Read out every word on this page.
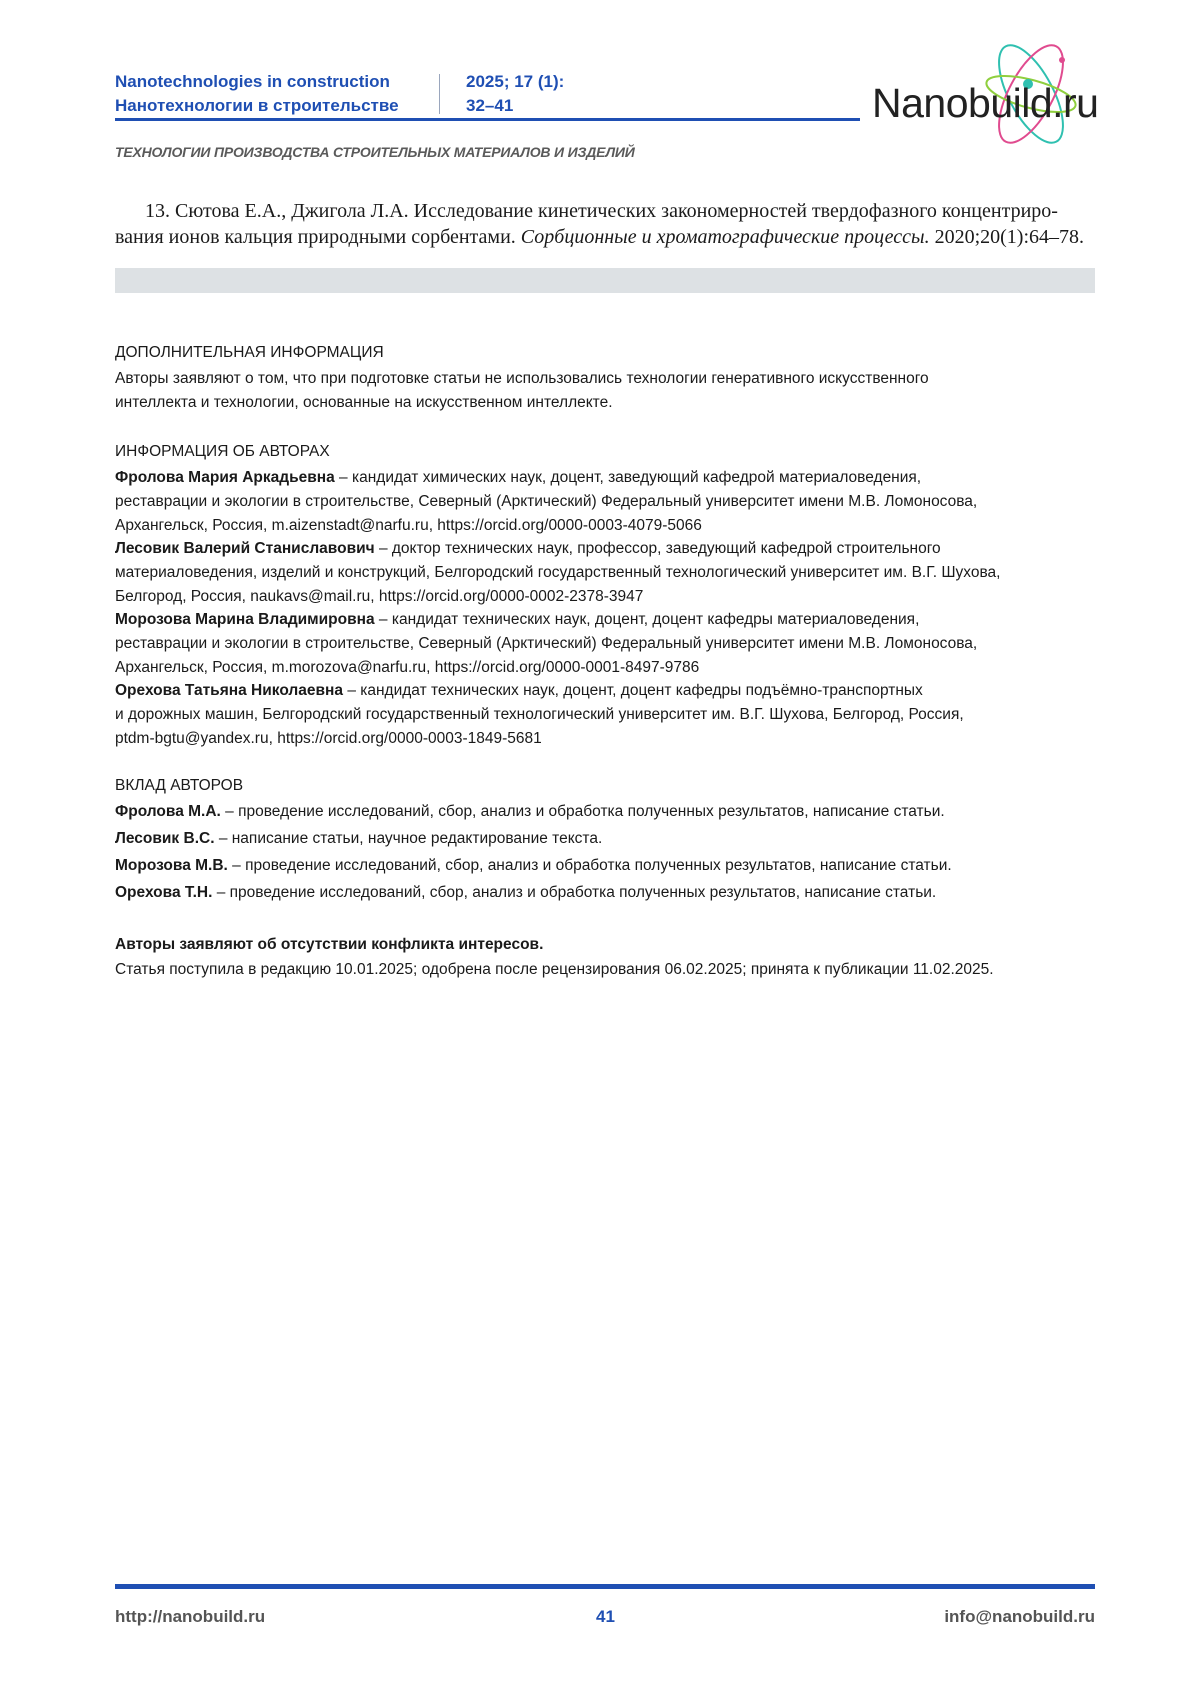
Nanotechnologies in construction
Нанотехнологии в строительстве
2025; 17 (1):
32–41	Nanobuild.ru
ТЕХНОЛОГИИ ПРОИЗВОДСТВА СТРОИТЕЛЬНЫХ МАТЕРИАЛОВ И ИЗДЕЛИЙ
13. Сютова Е.А., Джигола Л.А. Исследование кинетических закономерностей твердофазного концентриро-
вания ионов кальция природными сорбентами. Сорбционные и хроматографические процессы. 2020;20(1):64–78.
ДОПОЛНИТЕЛЬНАЯ ИНФОРМАЦИЯ
Авторы заявляют о том, что при подготовке статьи не использовались технологии генеративного искусственного
интеллекта и технологии, основанные на искусственном интеллекте.
ИНФОРМАЦИЯ ОБ АВТОРАХ
Фролова Мария Аркадьевна – кандидат химических наук, доцент, заведующий кафедрой материаловедения,
реставрации и экологии в строительстве, Северный (Арктический) Федеральный университет имени М.В. Ломоносова,
Архангельск, Россия, m.aizenstadt@narfu.ru, https://orcid.org/0000-0003-4079-5066
Лесовик Валерий Станиславович – доктор технических наук, профессор, заведующий кафедрой строительного
материаловедения, изделий и конструкций, Белгородский государственный технологический университет им. В.Г. Шухова,
Белгород, Россия, naukavs@mail.ru, https://orcid.org/0000-0002-2378-3947
Морозова Марина Владимировна – кандидат технических наук, доцент, доцент кафедры материаловедения,
реставрации и экологии в строительстве, Северный (Арктический) Федеральный университет имени М.В. Ломоносова,
Архангельск, Россия, m.morozova@narfu.ru, https://orcid.org/0000-0001-8497-9786
Орехова Татьяна Николаевна – кандидат технических наук, доцент, доцент кафедры подъёмно-транспортных
и дорожных машин, Белгородский государственный технологический университет им. В.Г. Шухова, Белгород, Россия,
ptdm-bgtu@yandex.ru, https://orcid.org/0000-0003-1849-5681
ВКЛАД АВТОРОВ
Фролова М.А. – проведение исследований, сбор, анализ и обработка полученных результатов, написание статьи.
Лесовик В.С. – написание статьи, научное редактирование текста.
Морозова М.В. – проведение исследований, сбор, анализ и обработка полученных результатов, написание статьи.
Орехова Т.Н. – проведение исследований, сбор, анализ и обработка полученных результатов, написание статьи.
Авторы заявляют об отсутствии конфликта интересов.
Статья поступила в редакцию 10.01.2025; одобрена после рецензирования 06.02.2025; принята к публикации 11.02.2025.
http://nanobuild.ru	41	info@nanobuild.ru
